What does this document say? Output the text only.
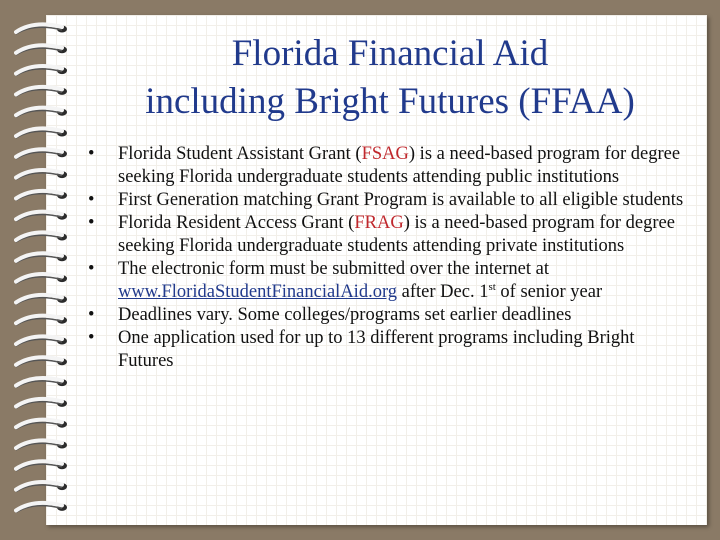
Florida Financial Aid
including Bright Futures (FFAA)
•	Florida Student Assistant Grant (FSAG) is a need-based program for degree seeking Florida undergraduate students attending public institutions
•	First Generation matching Grant Program is available to all eligible students
•	Florida Resident Access Grant (FRAG) is a need-based program for degree seeking Florida undergraduate students attending private institutions
•	The electronic form must be submitted over the internet at www.FloridaStudentFinancialAid.org after Dec. 1st of senior year
•	Deadlines vary. Some colleges/programs set earlier deadlines
•	One application used for up to 13 different programs including Bright Futures
